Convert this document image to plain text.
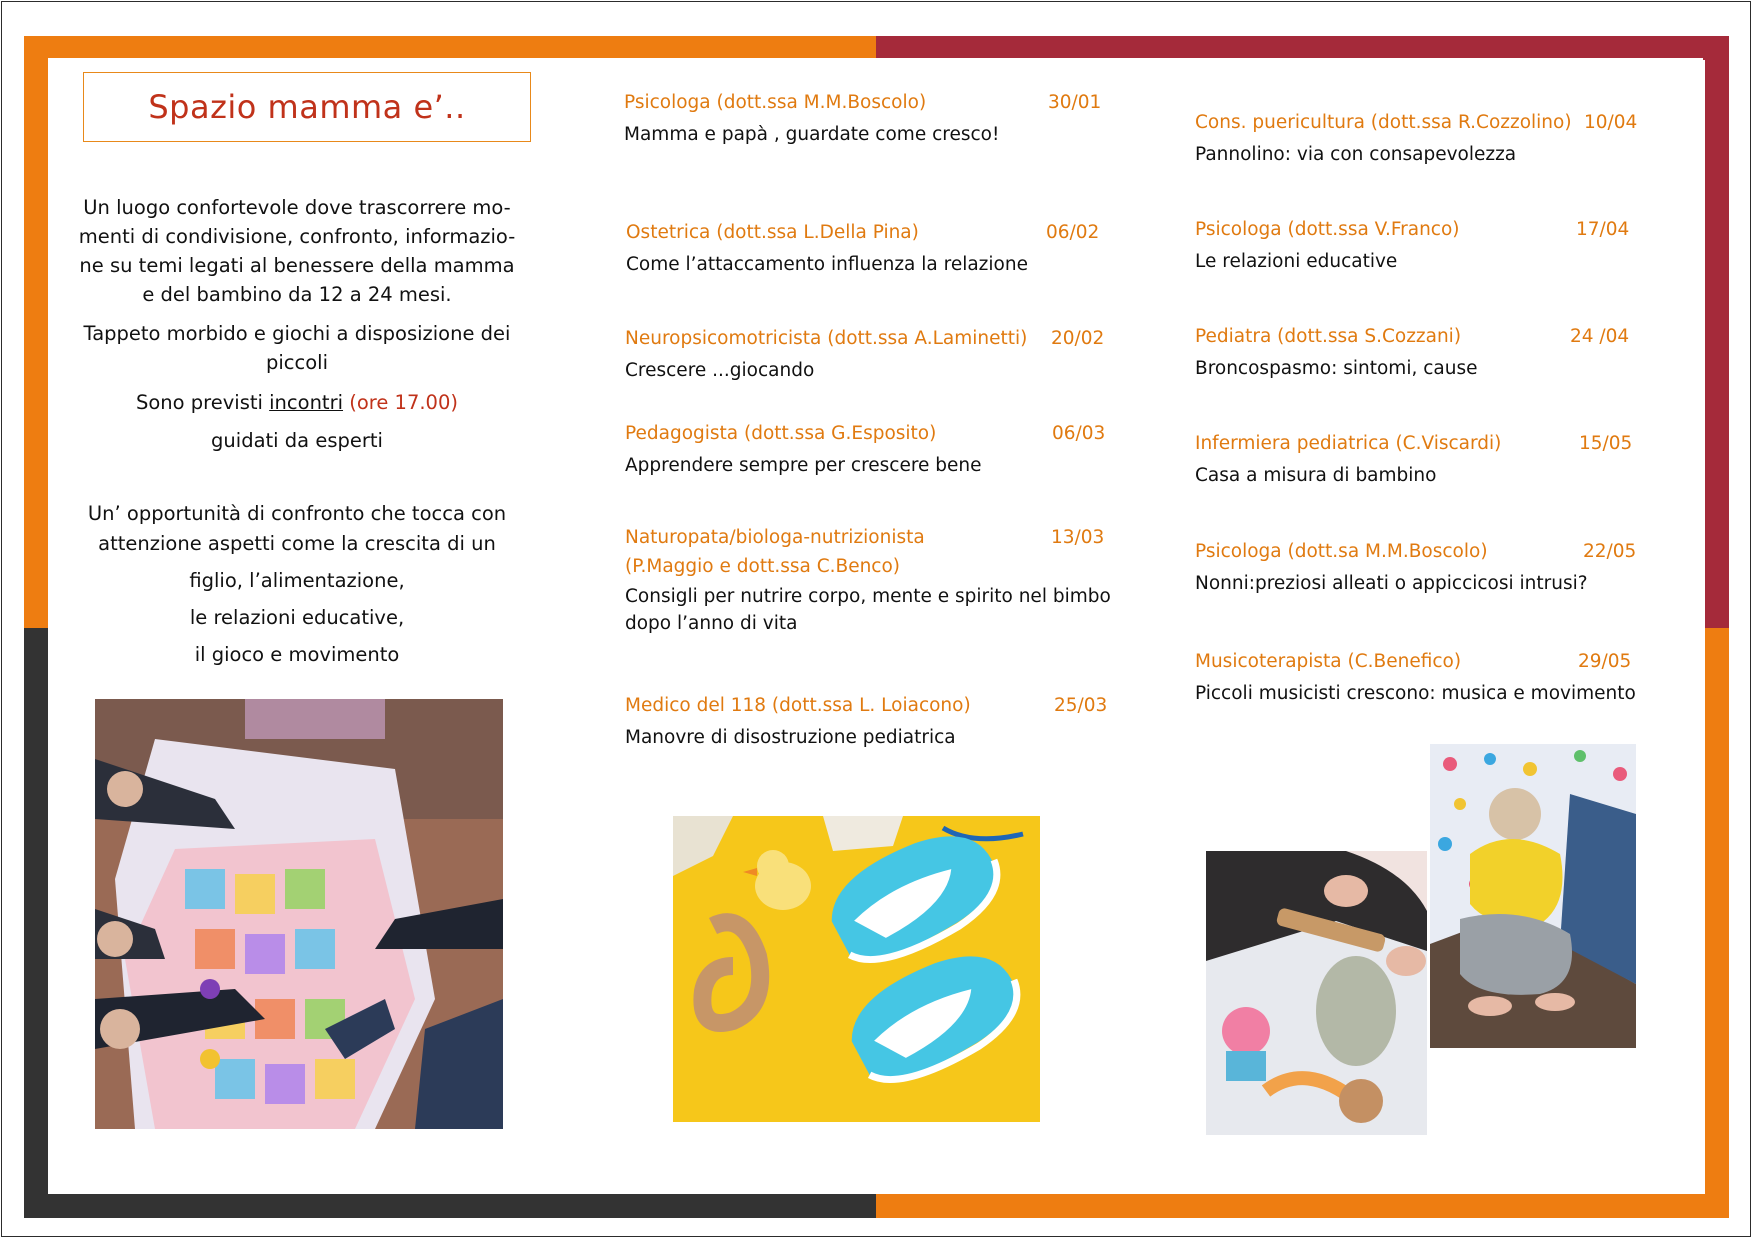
Spazio mamma e’..

Un luogo confortevole dove trascorrere mo-

menti di condivisione, confronto, informazio-

ne su temi legati al benessere della mamma

e del bambino da 12 a 24 mesi.

Tappeto morbido e giochi a disposizione dei

piccoli

Sono previsti incontri (ore 17.00)

guidati da esperti

Un’ opportunità di confronto che tocca con

attenzione aspetti come la crescita di un

figlio, l’alimentazione,

le relazioni educative,

il gioco e movimento

Psicologa (dott.ssa M.M.Boscolo)	30/01
Mamma e papà , guardate come cresco!
Ostetrica (dott.ssa L.Della Pina)	06/02
Come l’attaccamento influenza la relazione
Neuropsicomotricista (dott.ssa A.Laminetti)	20/02
Crescere ...giocando
Pedagogista (dott.ssa G.Esposito)	06/03
Apprendere sempre per crescere bene
Naturopata/biologa-nutrizionista	13/03
(P.Maggio e dott.ssa C.Benco)
Consigli per nutrire corpo, mente e spirito nel bimbo dopo l’anno di vita
Medico del 118 (dott.ssa L. Loiacono)	25/03
Manovre di disostruzione pediatrica
Cons. puericultura (dott.ssa R.Cozzolino) 10/04
Pannolino: via con consapevolezza
Psicologa (dott.ssa V.Franco)	17/04
Le relazioni educative
Pediatra (dott.ssa S.Cozzani)	24 /04
Broncospasmo: sintomi, cause
Infermiera pediatrica (C.Viscardi)	15/05
Casa a misura di bambino
Psicologa (dott.sa M.M.Boscolo)	22/05
Nonni:preziosi alleati o appiccicosi intrusi?
Musicoterapista (C.Benefico)	29/05
Piccoli musicisti crescono: musica e movimento
